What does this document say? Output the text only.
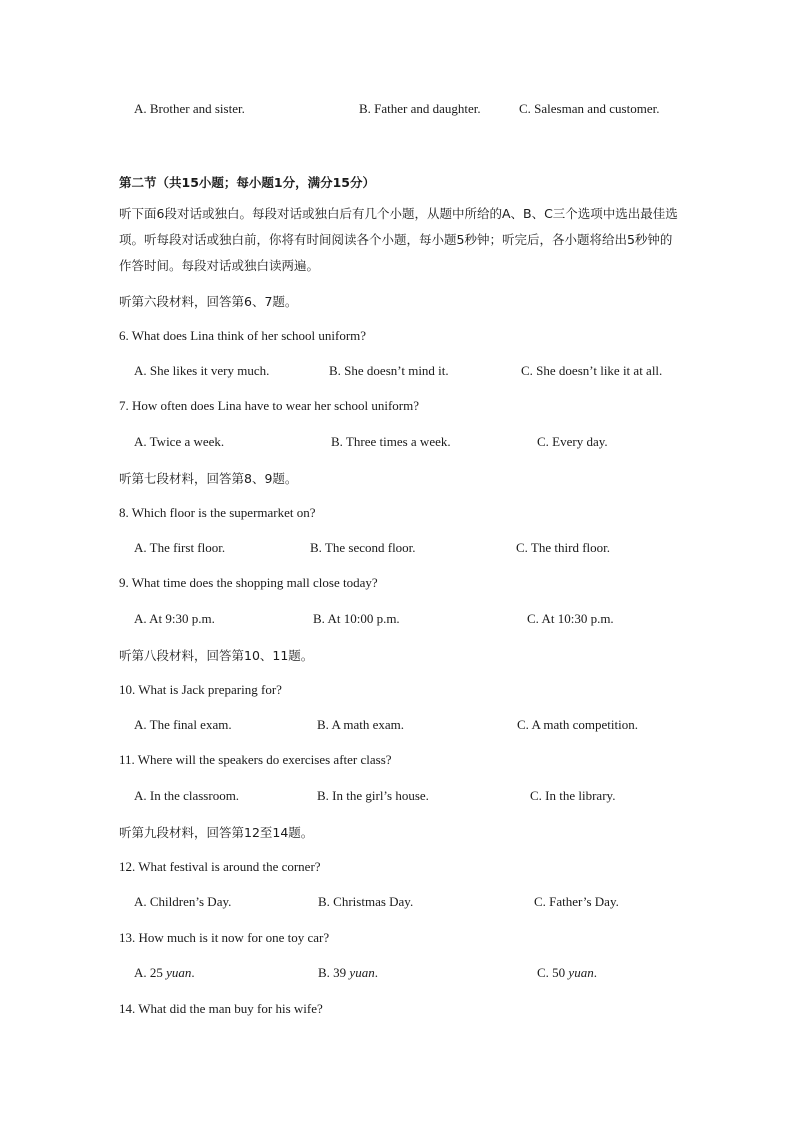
A. Brother and sister.	B. Father and daughter.	C. Salesman and customer.
第二节（共15小题；每小题1分，满分15分）
听下面6段对话或独白。每段对话或独白后有几个小题，从题中所给的A、B、C三个选项中选出最佳选项。听每段对话或独白前，你将有时间阅读各个小题，每小题5秒钟；听完后，各小题将给出5秒钟的作答时间。每段对话或独白读两遍。
听第六段材料，回答第6、7题。
6. What does Lina think of her school uniform?
A. She likes it very much.	B. She doesn’t mind it.	C. She doesn’t like it at all.
7. How often does Lina have to wear her school uniform?
A. Twice a week.	B. Three times a week.	C. Every day.
听第七段材料，回答第8、9题。
8. Which floor is the supermarket on?
A. The first floor.	B. The second floor.	C. The third floor.
9. What time does the shopping mall close today?
A. At 9:30 p.m.	B. At 10:00 p.m.	C. At 10:30 p.m.
听第八段材料，回答第10、11题。
10. What is Jack preparing for?
A. The final exam.	B. A math exam.	C. A math competition.
11. Where will the speakers do exercises after class?
A. In the classroom.	B. In the girl’s house.	C. In the library.
听第九段材料，回答第12至14题。
12. What festival is around the corner?
A. Children’s Day.	B. Christmas Day.	C. Father’s Day.
13. How much is it now for one toy car?
A. 25 yuan.	B. 39 yuan.	C. 50 yuan.
14. What did the man buy for his wife?
